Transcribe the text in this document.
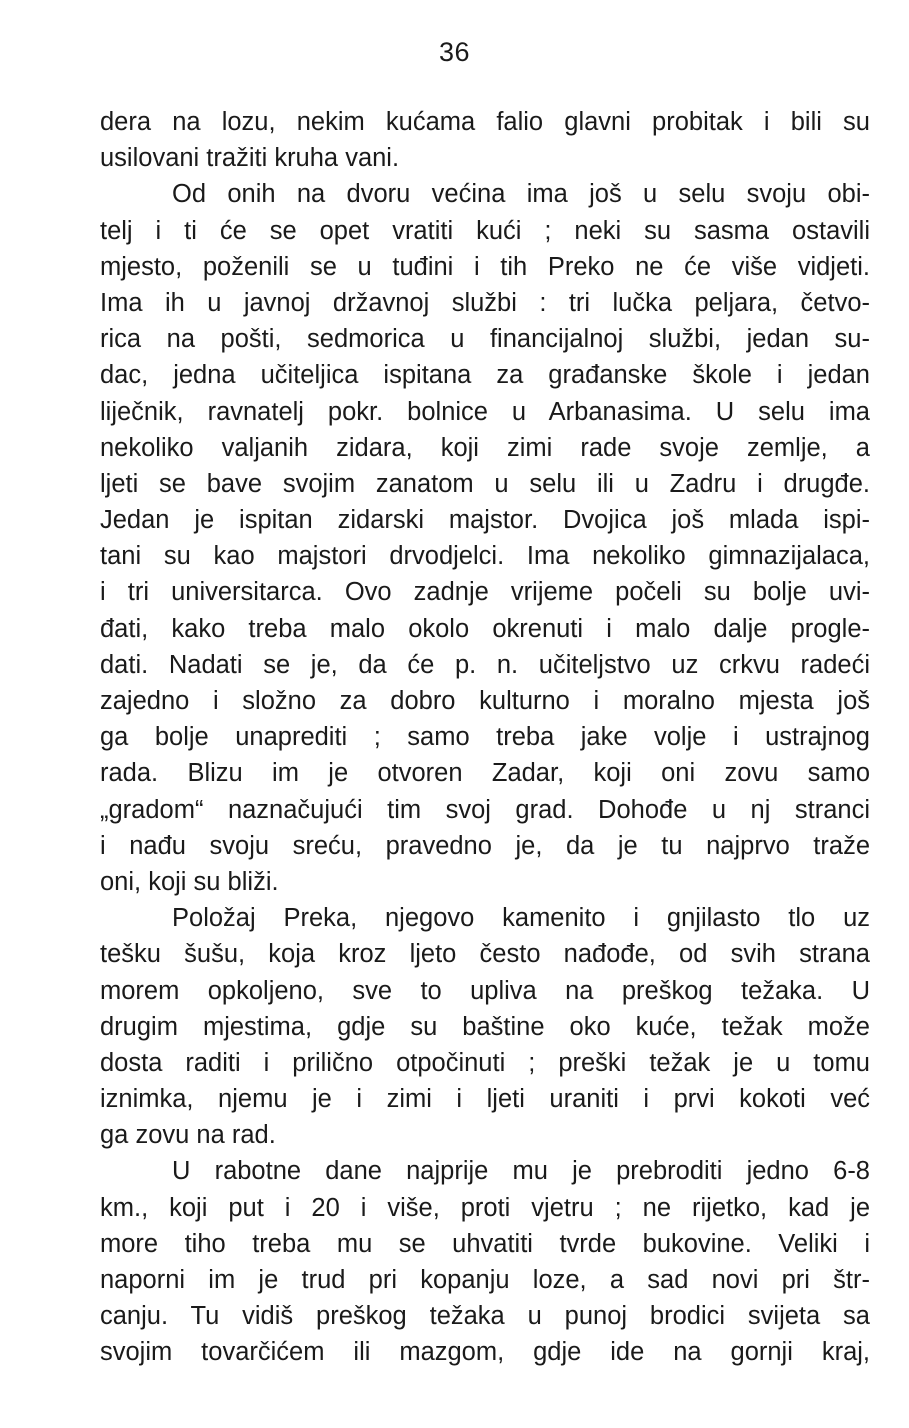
36
dera na lozu, nekim kućama falio glavni probitak i bili su
usilovani tražiti kruha vani.
Od onih na dvoru većina ima još u selu svoju obi-
telj i ti će se opet vratiti kući ; neki su sasma ostavili
mjesto, poženili se u tuđini i tih Preko ne će više vidjeti.
Ima ih u javnoj državnoj službi : tri lučka peljara, četvo-
rica na pošti, sedmorica u financijalnoj službi, jedan su-
dac, jedna učiteljica ispitana za građanske škole i jedan
liječnik, ravnatelj pokr. bolnice u Arbanasima. U selu ima
nekoliko valjanih zidara, koji zimi rade svoje zemlje, a
ljeti se bave svojim zanatom u selu ili u Zadru i drugđe.
Jedan je ispitan zidarski majstor. Dvojica još mlada ispi-
tani su kao majstori drvodjelci. Ima nekoliko gimnazijalaca,
i tri universitarca. Ovo zadnje vrijeme počeli su bolje uvi-
đati, kako treba malo okolo okrenuti i malo dalje progle-
dati. Nadati se je, da će p. n. učiteljstvo uz crkvu radeći
zajedno i složno za dobro kulturno i moralno mjesta još
ga bolje unaprediti ; samo treba jake volje i ustrajnog
rada. Blizu im je otvoren Zadar, koji oni zovu samo
„gradom“ naznačujući tim svoj grad. Dohođe u nj stranci
i nađu svoju sreću, pravedno je, da je tu najprvo traže
oni, koji su bliži.
Položaj Preka, njegovo kamenito i gnjilasto tlo uz
tešku šušu, koja kroz ljeto često nađođe, od svih strana
morem opkoljeno, sve to upliva na preškog težaka. U
drugim mjestima, gdje su baštine oko kuće, težak može
dosta raditi i prilično otpočinuti ; preški težak je u tomu
iznimka, njemu je i zimi i ljeti uraniti i prvi kokoti već
ga zovu na rad.
U rabotne dane najprije mu je prebroditi jedno 6-8
km., koji put i 20 i više, proti vjetru ; ne rijetko, kad je
more tiho treba mu se uhvatiti tvrde bukovine. Veliki i
naporni im je trud pri kopanju loze, a sad novi pri štr-
canju. Tu vidiš preškog težaka u punoj brodici svijeta sa
svojim tovarčićem ili mazgom, gdje ide na gornji kraj,
